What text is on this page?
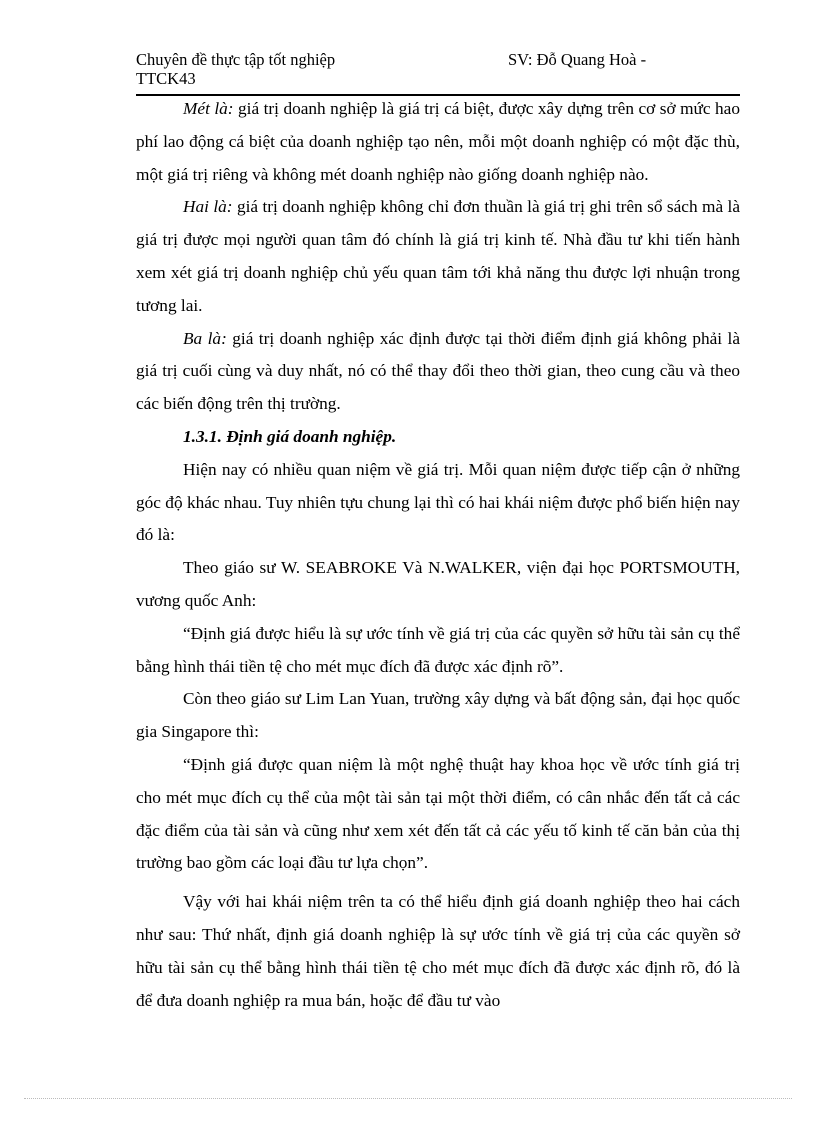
Chuyên đề thực tập tốt nghiệp	SV: Đỗ Quang Hoà -
TTCK43

Mét là: giá trị doanh nghiệp là giá trị cá biệt, được xây dựng trên cơ sở mức hao phí lao động cá biệt của doanh nghiệp tạo nên, mỗi một doanh nghiệp có một đặc thù, một giá trị riêng và không mét doanh nghiệp nào giống doanh nghiệp nào.

Hai là: giá trị doanh nghiệp không chỉ đơn thuần là giá trị ghi trên sổ sách mà là giá trị được mọi người quan tâm đó chính là giá trị kinh tế. Nhà đầu tư khi tiến hành xem xét giá trị doanh nghiệp chủ yếu quan tâm tới khả năng thu được lợi nhuận trong tương lai.

Ba là: giá trị doanh nghiệp xác định được tại thời điểm định giá không phải là giá trị cuối cùng và duy nhất, nó có thể thay đổi theo thời gian, theo cung cầu và theo các biến động trên thị trường.

1.3.1. Định giá doanh nghiệp.

Hiện nay có nhiều quan niệm về giá trị. Mỗi quan niệm được tiếp cận ở những góc độ khác nhau. Tuy nhiên tựu chung lại thì có hai khái niệm được phổ biến hiện nay đó là:

Theo giáo sư W. SEABROKE Và N.WALKER, viện đại học PORTSMOUTH, vương quốc Anh:

“Định giá được hiểu là sự ước tính về giá trị của các quyền sở hữu tài sản cụ thể bằng hình thái tiền tệ cho mét mục đích đã được xác định rõ”.

Còn theo giáo sư Lim Lan Yuan, trường xây dựng và bất động sản, đại học quốc gia Singapore thì:

“Định giá được quan niệm là một nghệ thuật hay khoa học về ước tính giá trị cho mét mục đích cụ thể của một tài sản tại một thời điểm, có cân nhắc đến tất cả các đặc điểm của tài sản và cũng như xem xét đến tất cả các yếu tố kinh tế căn bản của thị trường bao gồm các loại đầu tư lựa chọn”.

Vậy với hai khái niệm trên ta có thể hiểu định giá doanh nghiệp theo hai cách như sau: Thứ nhất, định giá doanh nghiệp là sự ước tính về giá trị của các quyền sở hữu tài sản cụ thể bằng hình thái tiền tệ cho mét mục đích đã được xác định rõ, đó là để đưa doanh nghiệp ra mua bán, hoặc để đầu tư vào
